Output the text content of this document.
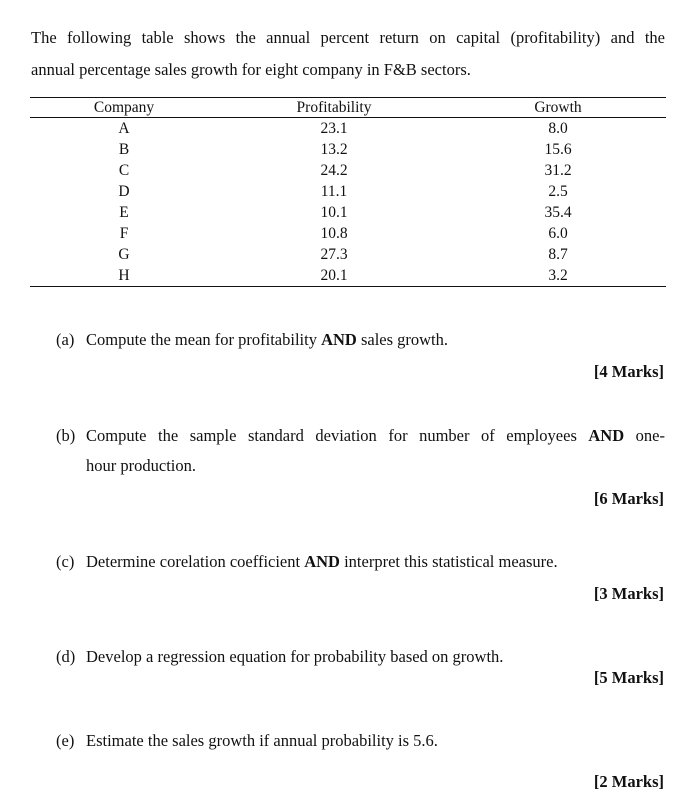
The following table shows the annual percent return on capital (profitability) and the
annual percentage sales growth for eight company in F&B sectors.
Company	Profitability	Growth
A	23.1	8.0
B	13.2	15.6
C	24.2	31.2
D	11.1	2.5
E	10.1	35.4
F	10.8	6.0
G	27.3	8.7
H	20.1	3.2
(a) Compute the mean for profitability AND sales growth.
[4 Marks]
(b) Compute the sample standard deviation for number of employees AND one-
hour production.
[6 Marks]
(c) Determine corelation coefficient AND interpret this statistical measure.
[3 Marks]
(d) Develop a regression equation for probability based on growth.
[5 Marks]
(e) Estimate the sales growth if annual probability is 5.6.
[2 Marks]
